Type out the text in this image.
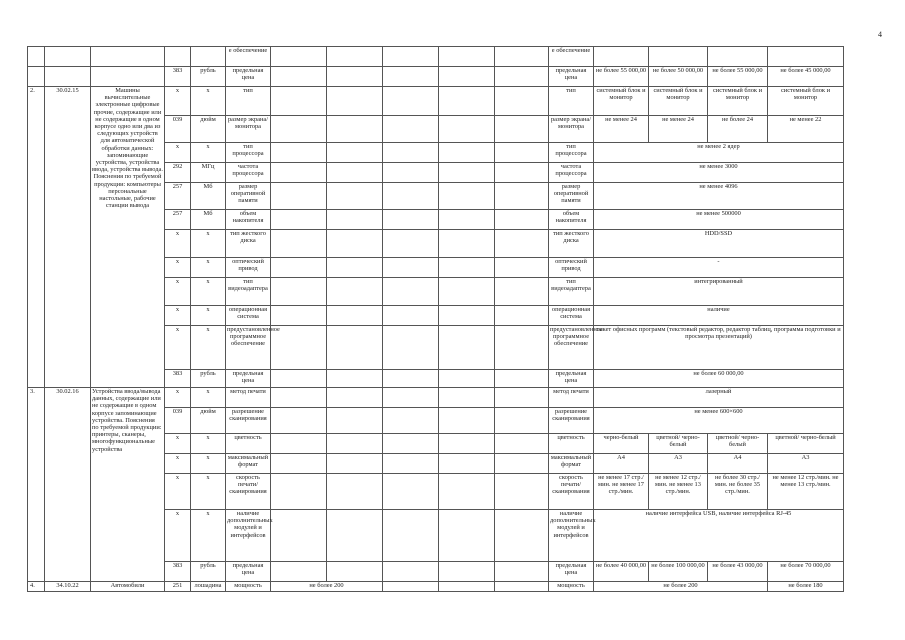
4
					е обеспечение						е обеспечение				
			383	рубль	предельная цена						предельная цена	не более 55 000,00	не более 50 000,00	не более 55 000,00	не более 45 000,00
2.	30.02.15	Машины вычислительные электронные цифровые прочие, содержащие или не содержащие в одном корпусе одно или два из следующих устройств для автоматической обработки данных: запоминающие устройства, устройства ввода, устройства вывода. Пояснения по требуемой продукции: компьютеры персональные настольные, рабочие станции вывода	х	х	тип						тип	системный блок и монитор	системный блок и монитор	системный блок и монитор	системный блок и монитор
			039	дюйм	размер экрана/монитора						размер экрана/монитора	не менее 24	не менее 24	не более 24	не менее 22
			х	х	тип процессора						тип процессора	не менее 2 ядер			
			292	МГц	частота процессора						частота процессора	не менее 3000			
			257	Мб	размер оперативной памяти						размер оперативной памяти	не менее 4096			
			257	Мб	объем накопителя						объем накопителя	не менее 500000			
			х	х	тип жесткого диска						тип жесткого диска	HDD/SSD			
			х	х	оптический привод						оптический привод	-			
			х	х	тип видеоадаптера						тип видеоадаптера	интегрированный			
			х	х	операционная система						операционная система	наличие			
			х	х	предустановленное программное обеспечение						предустановленное программное обеспечение	пакет офисных программ (текстовый редактор, редактор таблиц, программа подготовки и просмотра презентаций)			
			383	рубль	предельная цена						предельная цена	не более 60 000,00			
3.	30.02.16	Устройства ввода/вывода данных, содержащие или не содержащие в одном корпусе запоминающие устройства. Пояснения по требуемой продукции: принтеры, сканеры, многофункциональные устройства	х	х	метод печати						метод печати	лазерный			
			039	дюйм	разрешение сканирования						разрешение сканирования	не менее 600×600			
			х	х	цветность						цветность	черно-белый	цветной/ черно-белый	цветной/ черно-белый	цветной/ черно-белый
			х	х	максимальный формат						максимальный формат	А4	А3	А4	А3
			х	х	скорость печати/сканирования						скорость печати/сканирования	не менее 17 стр./мин. не менее 17 стр./мин.	не менее 12 стр./мин. не менее 13 стр./мин.	не более 30 стр./мин. не более 35 стр./мин.	не менее 12 стр./мин. не менее 13 стр./мин.
			х	х	наличие дополнительных модулей и интерфейсов						наличие дополнительных модулей и интерфейсов	наличие интерфейса USB, наличие интерфейса RJ-45			
			383	рубль	предельная цена						предельная цена	не более 40 000,00	не более 100 000,00	не более 43 000,00	не более 70 000,00
4.	34.10.22	Автомобили	251	лошадина	мощность	не более 200					мощность	не более 200			не более 180
